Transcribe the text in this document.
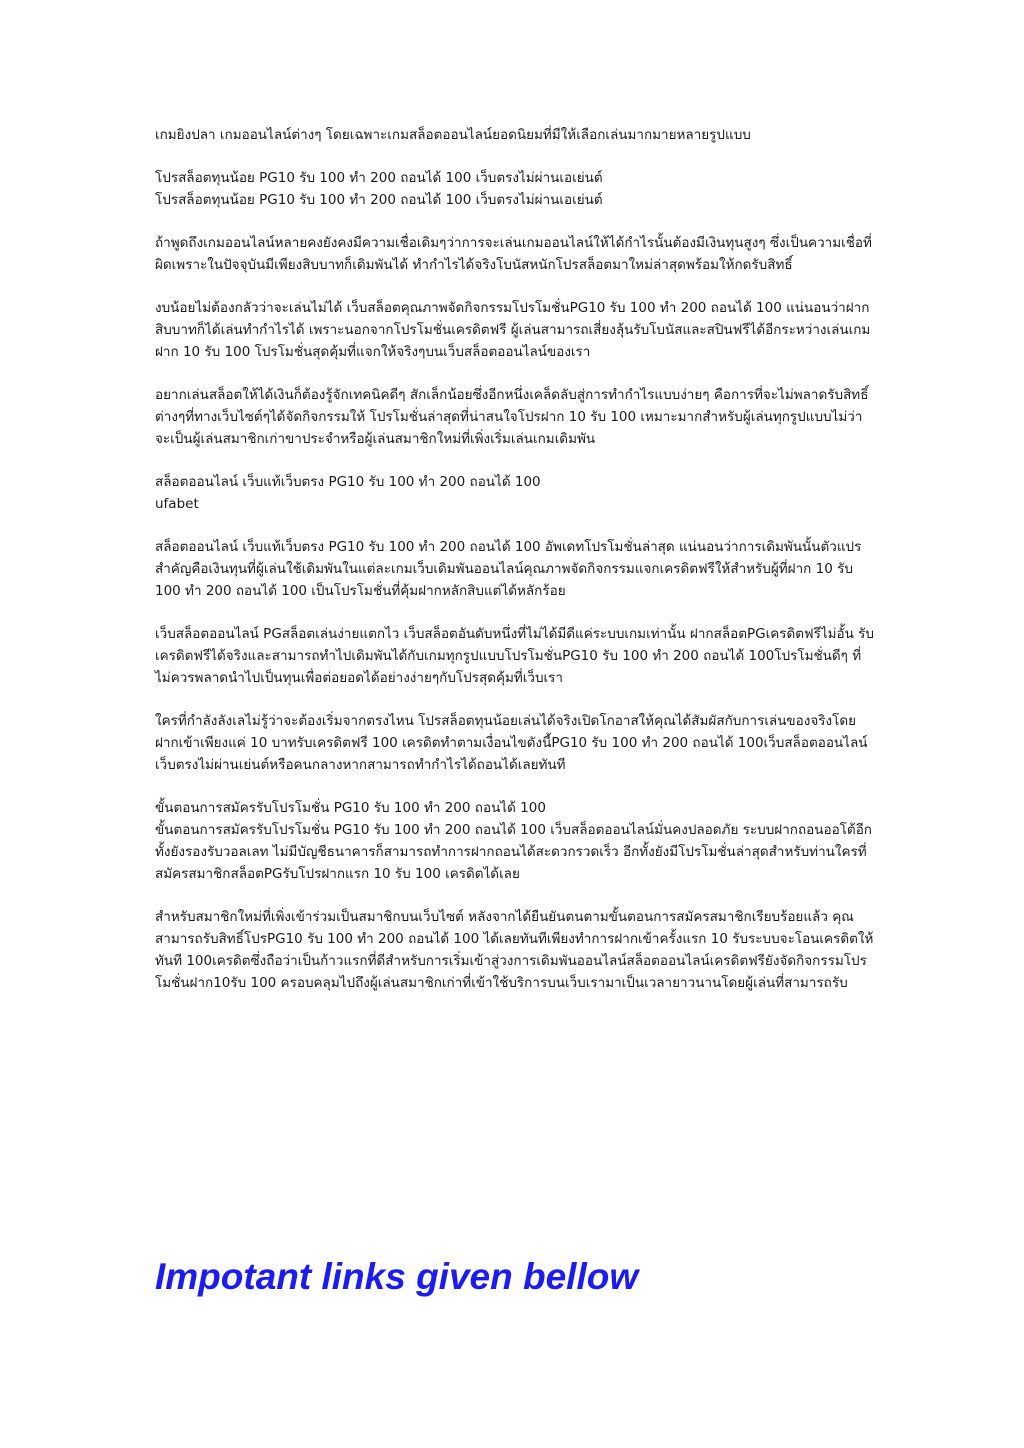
เกมยิงปลา เกมออนไลน์ต่างๆ โดยเฉพาะเกมสล็อตออนไลน์ยอดนิยมที่มีให้เลือกเล่นมากมายหลายรูปแบบ

โปรสล็อตทุนน้อย PG10 รับ 100 ทำ 200 ถอนได้ 100 เว็บตรงไม่ผ่านเอเย่นต์
โปรสล็อตทุนน้อย PG10 รับ 100 ทำ 200 ถอนได้ 100 เว็บตรงไม่ผ่านเอเย่นต์

ถ้าพูดถึงเกมออนไลน์หลายคงยังคงมีความเชื่อเดิมๆว่าการจะเล่นเกมออนไลน์ให้ได้กำไรนั้นต้องมีเงินทุนสูงๆ ซึ่งเป็นความเชื่อที่ผิดเพราะในปัจจุบันมีเพียงสิบบาทก็เดิมพันได้ ทำกำไรได้จริงโบนัสหนักโปรสล็อตมาใหม่ล่าสุดพร้อมให้กดรับสิทธิ์

งบน้อยไม่ต้องกลัวว่าจะเล่นไม่ได้ เว็บสล็อตคุณภาพจัดกิจกรรมโปรโมชั่นPG10 รับ 100 ทำ 200 ถอนได้ 100 แน่นอนว่าฝากสิบบาทก็ได้เล่นทำกำไรได้ เพราะนอกจากโปรโมชั่นเครดิตฟรี ผู้เล่นสามารถเสี่ยงลุ้นรับโบนัสและสปินฟรีได้อีกระหว่างเล่นเกม ฝาก 10 รับ 100 โปรโมชั่นสุดคุ้มที่แจกให้จริงๆบนเว็บสล็อตออนไลน์ของเรา

อยากเล่นสล็อตให้ได้เงินก็ต้องรู้จักเทคนิคดีๆ สักเล็กน้อยซึ่งอีกหนึ่งเคล็ดลับสู่การทำกำไรแบบง่ายๆ คือการที่จะไม่พลาดรับสิทธิ์ต่างๆที่ทางเว็บไซต์ๆได้จัดกิจกรรมให้ โปรโมชั่นล่าสุดที่น่าสนใจโปรฝาก 10 รับ 100 เหมาะมากสำหรับผู้เล่นทุกรูปแบบไม่ว่าจะเป็นผู้เล่นสมาชิกเก่าขาประจำหรือผู้เล่นสมาชิกใหม่ที่เพิ่งเริ่มเล่นเกมเดิมพัน

สล็อตออนไลน์ เว็บแท้เว็บตรง PG10 รับ 100 ทำ 200 ถอนได้ 100
ufabet

สล็อตออนไลน์ เว็บแท้เว็บตรง PG10 รับ 100 ทำ 200 ถอนได้ 100 อัพเดทโปรโมชั่นล่าสุด แน่นอนว่าการเดิมพันนั้นตัวแปรสำคัญคือเงินทุนที่ผู้เล่นใช้เดิมพันในแต่ละเกมเว็บเดิมพันออนไลน์คุณภาพจัดกิจกรรมแจกเครดิตฟรีให้สำหรับผู้ที่ฝาก 10 รับ 100 ทำ 200 ถอนได้ 100 เป็นโปรโมชั่นที่คุ้มฝากหลักสิบแต่ได้หลักร้อย

เว็บสล็อตออนไลน์ PGสล็อตเล่นง่ายแตกไว เว็บสล็อตอันดับหนึ่งที่ไม่ได้มีดีแค่ระบบเกมเท่านั้น ฝากสล็อตPGเครดิตฟรีไม่อั้น รับเครดิตฟรีได้จริงและสามารถทำไปเดิมพันได้กับเกมทุกรูปแบบโปรโมชั่นPG10 รับ 100 ทำ 200 ถอนได้ 100โปรโมชั่นดีๆ ที่ไม่ควรพลาดนำไปเป็นทุนเพื่อต่อยอดได้อย่างง่ายๆกับโปรสุดคุ้มที่เว็บเรา

ใครที่กำลังลังเลไม่รู้ว่าจะต้องเริ่มจากตรงไหน โปรสล็อตทุนน้อยเล่นได้จริงเปิดโกอาสให้คุณได้สัมผัสกับการเล่นของจริงโดยฝากเข้าเพียงแค่ 10 บาทรับเครดิตฟรี 100 เครดิตทำตามเงื่อนไขดังนี้PG10 รับ 100 ทำ 200 ถอนได้ 100เว็บสล็อตออนไลน์เว็บตรงไม่ผ่านเย่นต์หรือคนกลางหากสามารถทำกำไรได้ถอนได้เลยทันที

ขั้นตอนการสมัครรับโปรโมชั่น PG10 รับ 100 ทำ 200 ถอนได้ 100
ขั้นตอนการสมัครรับโปรโมชั่น PG10 รับ 100 ทำ 200 ถอนได้ 100 เว็บสล็อตออนไลน์มั่นคงปลอดภัย ระบบฝากถอนออโต้อีกทั้งยังรองรับวอลเลท ไม่มีบัญชีธนาคารก็สามารถทำการฝากถอนได้สะดวกรวดเร็ว อีกทั้งยังมีโปรโมชั่นล่าสุดสำหรับท่านใครที่สมัครสมาชิกสล็อตPGรับโปรฝากแรก 10 รับ 100 เครดิตได้เลย

สำหรับสมาชิกใหม่ที่เพิ่งเข้าร่วมเป็นสมาชิกบนเว็บไซต์ หลังจากได้ยืนยันตนตามขั้นตอนการสมัครสมาชิกเรียบร้อยแล้ว คุณสามารถรับสิทธิ์โปรPG10 รับ 100 ทำ 200 ถอนได้ 100 ได้เลยทันทีเพียงทำการฝากเข้าครั้งแรก 10 รับระบบจะโอนเครดิตให้ทันที 100เครดิตซึ่งถือว่าเป็นก้าวแรกที่ดีสำหรับการเริ่มเข้าสู่วงการเดิมพันออนไลน์สล็อตออนไลน์เครดิตฟรียังจัดกิจกรรมโปรโมชั่นฝาก10รับ 100 ครอบคลุมไปถึงผู้เล่นสมาชิกเก่าที่เข้าใช้บริการบนเว็บเรามาเป็นเวลายาวนานโดยผู้เล่นที่สามารถรับ

Impotant links given bellow
